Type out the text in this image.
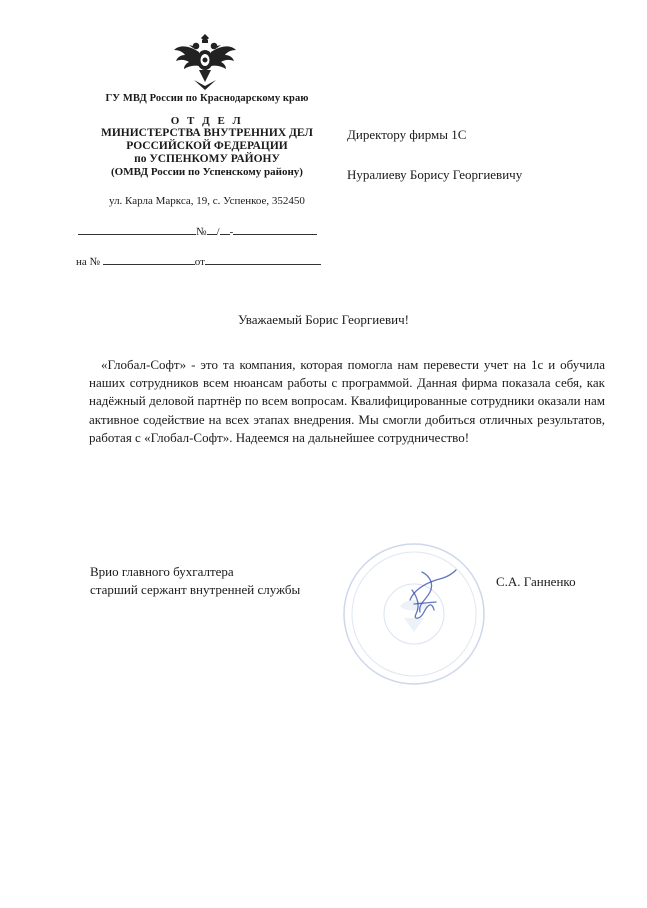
ГУ МВД России по Краснодарскому краю
О Т Д Е Л
МИНИСТЕРСТВА ВНУТРЕННИХ ДЕЛ
РОССИЙСКОЙ ФЕДЕРАЦИИ
по УСПЕНКОМУ РАЙОНУ
(ОМВД России по Успенскому району)
ул. Карла Маркса, 19, с. Успенкое, 352450
№ / -
на №	от
Директору фирмы 1С
Нуралиеву Борису Георгиевичу
Уважаемый Борис Георгиевич!
«Глобал-Софт» - это та компания, которая помогла нам перевести учет на 1с и обучила наших сотрудников всем нюансам работы с программой. Данная фирма показала себя, как надёжный деловой партнёр по всем вопросам. Квалифицированные сотрудники оказали нам активное содействие на всех этапах внедрения. Мы смогли добиться отличных результатов, работая с «Глобал-Софт». Надеемся на дальнейшее сотрудничество!
Врио главного бухгалтера
старший сержант внутренней службы
С.А. Ганненко
